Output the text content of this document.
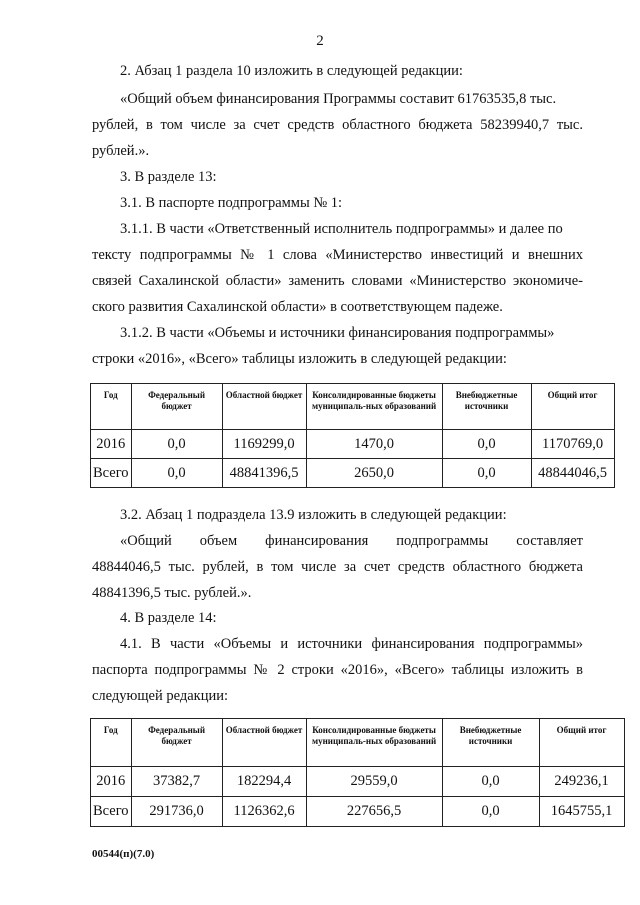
2

2. Абзац 1 раздела 10 изложить в следующей редакции:

«Общий объем финансирования Программы составит 61763535,8 тыс.

рублей, в том числе за счет средств областного бюджета 58239940,7 тыс.

рублей.».

3. В разделе 13:

3.1. В паспорте подпрограммы № 1:

3.1.1. В части «Ответственный исполнитель подпрограммы» и далее по

тексту подпрограммы № 1 слова «Министерство инвестиций и внешних

связей Сахалинской области» заменить словами «Министерство экономиче-

ского развития Сахалинской области» в соответствующем падеже.

3.1.2. В части «Объемы и источники финансирования подпрограммы»

строки «2016», «Всего» таблицы изложить в следующей редакции:

Год	Федеральный бюджет	Областной бюджет	Консолидированные бюджеты муниципаль-ных образований	Внебюджетные источники	Общий итог
2016	0,0	1169299,0	1470,0	0,0	1170769,0
Всего	0,0	48841396,5	2650,0	0,0	48844046,5

3.2. Абзац 1 подраздела 13.9 изложить в следующей редакции:

«Общий объем финансирования подпрограммы составляет

48844046,5 тыс. рублей, в том числе за счет средств областного бюджета

48841396,5 тыс. рублей.».

4. В разделе 14:

4.1. В части «Объемы и источники финансирования подпрограммы»

паспорта подпрограммы № 2 строки «2016», «Всего» таблицы изложить в

следующей редакции:

Год	Федеральный бюджет	Областной бюджет	Консолидированные бюджеты муниципаль-ных образований	Внебюджетные источники	Общий итог
2016	37382,7	182294,4	29559,0	0,0	249236,1
Всего	291736,0	1126362,6	227656,5	0,0	1645755,1
00544(п)(7.0)
